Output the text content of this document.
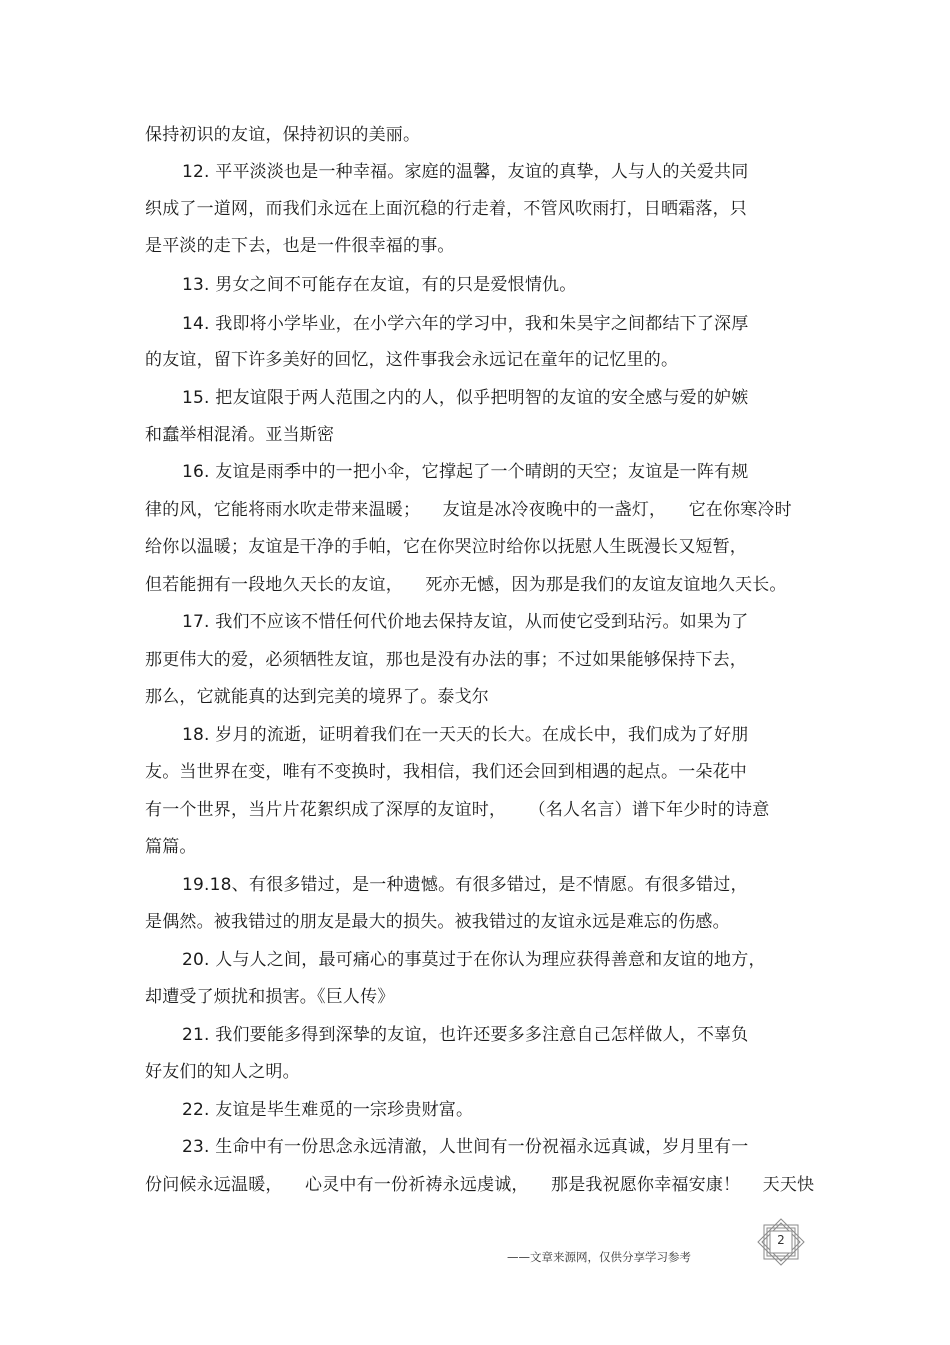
保持初识的友谊，保持初识的美丽。
12. 平平淡淡也是一种幸福。家庭的温馨，友谊的真挚，人与人的关爱共同
织成了一道网，而我们永远在上面沉稳的行走着，不管风吹雨打，日晒霜落，只
是平淡的走下去，也是一件很幸福的事。
13. 男女之间不可能存在友谊，有的只是爱恨情仇。
14. 我即将小学毕业，在小学六年的学习中，我和朱昊宇之间都结下了深厚
的友谊，留下许多美好的回忆，这件事我会永远记在童年的记忆里的。
15. 把友谊限于两人范围之内的人，似乎把明智的友谊的安全感与爱的妒嫉
和蠢举相混淆。亚当斯密
16. 友谊是雨季中的一把小伞，它撑起了一个晴朗的天空；友谊是一阵有规
律的风，它能将雨水吹走带来温暖；    友谊是冰冷夜晚中的一盏灯，    它在你寒冷时
给你以温暖；友谊是干净的手帕，它在你哭泣时给你以抚慰人生既漫长又短暂，
但若能拥有一段地久天长的友谊，    死亦无憾，因为那是我们的友谊友谊地久天长。
17. 我们不应该不惜任何代价地去保持友谊，从而使它受到玷污。如果为了
那更伟大的爱，必须牺牲友谊，那也是没有办法的事；不过如果能够保持下去，
那么，它就能真的达到完美的境界了。泰戈尔
18. 岁月的流逝，证明着我们在一天天的长大。在成长中，我们成为了好朋
友。当世界在变，唯有不变换时，我相信，我们还会回到相遇的起点。一朵花中
有一个世界，当片片花絮织成了深厚的友谊时，    （名人名言）谱下年少时的诗意
篇篇。
19.18、有很多错过，是一种遗憾。有很多错过，是不情愿。有很多错过，
是偶然。被我错过的朋友是最大的损失。被我错过的友谊永远是难忘的伤感。
20. 人与人之间，最可痛心的事莫过于在你认为理应获得善意和友谊的地方，
却遭受了烦扰和损害。《巨人传》
21. 我们要能多得到深挚的友谊，也许还要多多注意自己怎样做人，不辜负
好友们的知人之明。
22. 友谊是毕生难觅的一宗珍贵财富。
23. 生命中有一份思念永远清澈，人世间有一份祝福永远真诚，岁月里有一
份问候永远温暖，    心灵中有一份祈祷永远虔诚，    那是我祝愿你幸福安康！    天天快
2
——文章来源网，仅供分享学习参考
